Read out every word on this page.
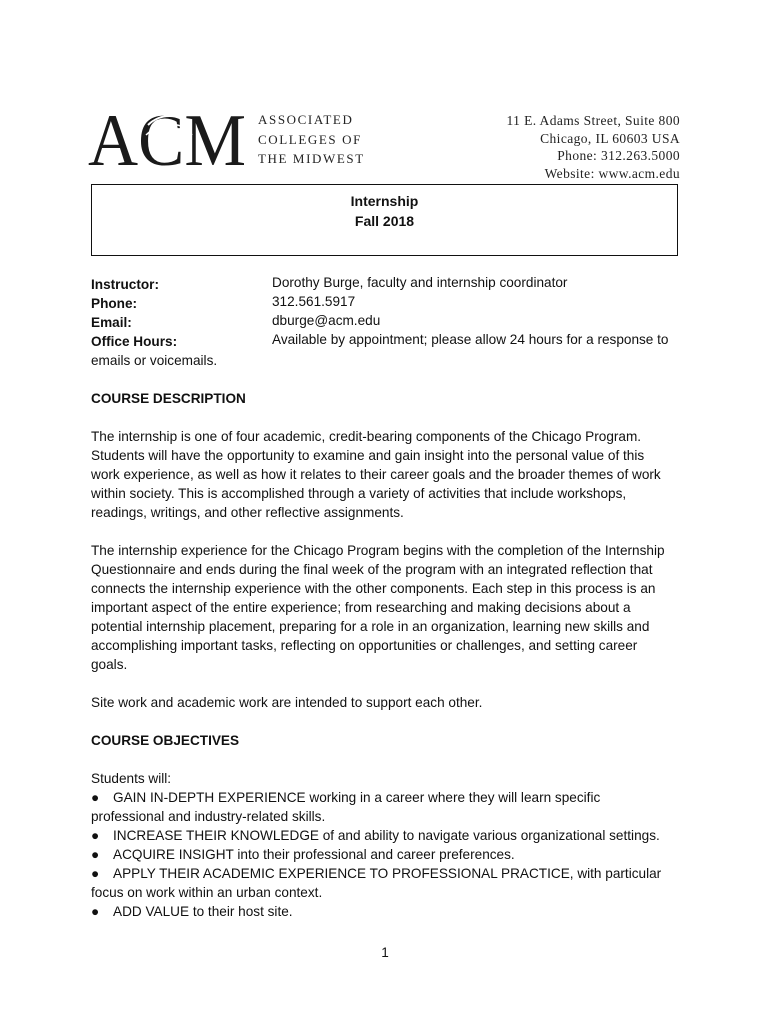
ACM ASSOCIATED
COLLEGES OF
THE MIDWEST
11 E. Adams Street, Suite 800
Chicago, IL 60603 USA
Phone: 312.263.5000
Website: www.acm.edu
Internship
Fall 2018
Instructor:	Dorothy Burge, faculty and internship coordinator
Phone:	312.561.5917
Email:	dburge@acm.edu
Office Hours:	Available by appointment; please allow 24 hours for a response to
emails or voicemails.
COURSE DESCRIPTION
The internship is one of four academic, credit-bearing components of the Chicago Program.
Students will have the opportunity to examine and gain insight into the personal value of this
work experience, as well as how it relates to their career goals and the broader themes of work
within society. This is accomplished through a variety of activities that include workshops,
readings, writings, and other reflective assignments.
The internship experience for the Chicago Program begins with the completion of the Internship
Questionnaire and ends during the final week of the program with an integrated reflection that
connects the internship experience with the other components. Each step in this process is an
important aspect of the entire experience; from researching and making decisions about a
potential internship placement, preparing for a role in an organization, learning new skills and
accomplishing important tasks, reflecting on opportunities or challenges, and setting career
goals.
Site work and academic work are intended to support each other.
COURSE OBJECTIVES
Students will:
● GAIN IN-DEPTH EXPERIENCE working in a career where they will learn specific
professional and industry-related skills.
● INCREASE THEIR KNOWLEDGE of and ability to navigate various organizational settings.
● ACQUIRE INSIGHT into their professional and career preferences.
● APPLY THEIR ACADEMIC EXPERIENCE TO PROFESSIONAL PRACTICE, with particular
focus on work within an urban context.
● ADD VALUE to their host site.
1
